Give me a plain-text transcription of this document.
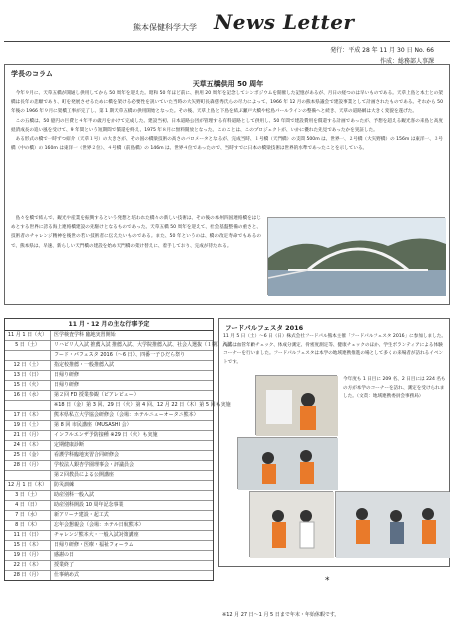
熊本保健科学大学 News Letter
発行：平成 28 年 11 月 30 日 No. 66
作成：総務部人事課
学長のコラム
天草五橋供用 50 周年

今年９月に、天草五橋が開通し供用してから 50 周年を迎えた。昭和 50 年ほど前に、供用 20 周年を記念してシンポジウムを開催した記憶があるが、月日の経つのは早いものである。天草上島と本土との架橋は長年の悲願であり、町を発展させるために橋を架ける必要性を説いていた当時の大矢野町長森慈秀氏らの尽力によって、1966 年 12 月の熊本県議会で建設事業として計画されたものである。それから 50 年後の 1966 年９月に架橋工事が完了し、第 1 期天草五橋の供用開始となった。その後、天草上島と下島を結ぶ瀬戸大橋や松島パールラインの整備へと続き、天草の道路網は大きく変貌を遂げた。

この五橋は、50 億円の巨費と４年半の歳月をかけて完成した。建設当初、日本道路公団が管理する有料道路として供用し、50 年間で建設費用を償還する計画であったが、予想を超える観光客の来島と高度経済成長の追い風を受けて、9 年間という短期間で償還を終え、1975 年８月に無料開放となった。このことは、このプロジェクトが、いかに優れた先見であったかを実証した。

ある形式の橋で一時ずつ紹介（天草１号）の大きさが、その国の橋梁技術の高さのバロメータとなるが、完成当時、１号橋（天門橋）の支間 500m は、世界一、２号橋（大矢野橋）の 156m は東洋一、３号橋（中の橋）の 160m は東洋一（世界２位）、４号橋（前島橋）の 146m は、世界４位であったので、当時すでに日本の橋梁技術は世界的水準であったことを示している。

島々を橋で結んで、観光や産業を振興するという発想と培われた橋々の新しい技術は、その後の本州四国連絡橋をはじめとする世界に誇る海上連絡橋建設の先駆けとなるものであった。天草五橋 50 周年を迎えて、社会基盤整備の重さと、技術者のチャレンジ精神を後世の若い技術者に伝えたいものである。また、50 年というのは、橋の改定寿命でもあるので、熊本県は、早速、新らしい天門橋の建設を始め天門橋の架け替えに、着手しており、完成が待たれる。

11 月・12 月の主な行事予定
11 月 1 日（火）	医学検査学科 臨地実習開始
5 日（土）	リハビリ人入試 推薦入試 推薦入試、大学院推薦入試、社会人選抜（１期）入試
フード・パフェスタ 2016（～6 日）、四番一子ひだら祭り
12 日（土）	指定校推薦・一般推薦入試
13 日（日）	日帰り研修
15 日（火）	日帰り研修
16 日（水）	第２回 FD 授業参観（ピアレビュー）
※18 日（金）第 3 回、29 日（火）第 4 回、12 月 22 日（木）第 5 回も実施
17 日（木）	熊本県私立大学協会研修会（会場：ホテルニューオータニ熊本）
19 日（土）	第 8 回 市民講座（MUSASHI 会）
21 日（月）	インフルエンザ予防接種 ※29 日（火）も実施
24 日（木）	定期健康診断
25 日（金）	看護学科臨地実習合同研修会
28 日（月）	学校法人銀杏学園理事会・評議員会
第２回教員による公開講座
12 月 1 日（木）	防災訓練
3 日（土）	助産別科一般入試
4 日（日）	助産別科開設 10 周年記念事業
7 日（水）	新アリーナ建設・起工式
8 日（木）	忘年会懇親会（会場：ホテル日航熊本）
11 日（日）	チャレンジ熊本大・一般入試対策講座
15 日（木）	日帰り研修・医療・福祉フォーラム
19 日（月）	感謝の日
22 日（木）	授業終了
28 日（月）	仕事納め式
フードパルフェスタ 2016
11 月 5 日（土）～6 日（日）株式会社フードパル熊本主催「フードパルフェスタ 2016」に参加しました。内容は血管年齢チェック、体成分測定、骨密度測定等、健康チェックのほか、学生ボランティアによる体験コーナーを行いました。フードパルフェスタは本学の地域連携推進の場として多くの来場者が訪れるイベントです。
今年度も 1 日目に 209 名、2 日目には 224 名もの方が本学のコーナーを訪れ、測定を受けられました。（文責：地域連携委員会事務局）
*
※12 月 27 日～1 月 5 日まで年末・年始休暇です。
